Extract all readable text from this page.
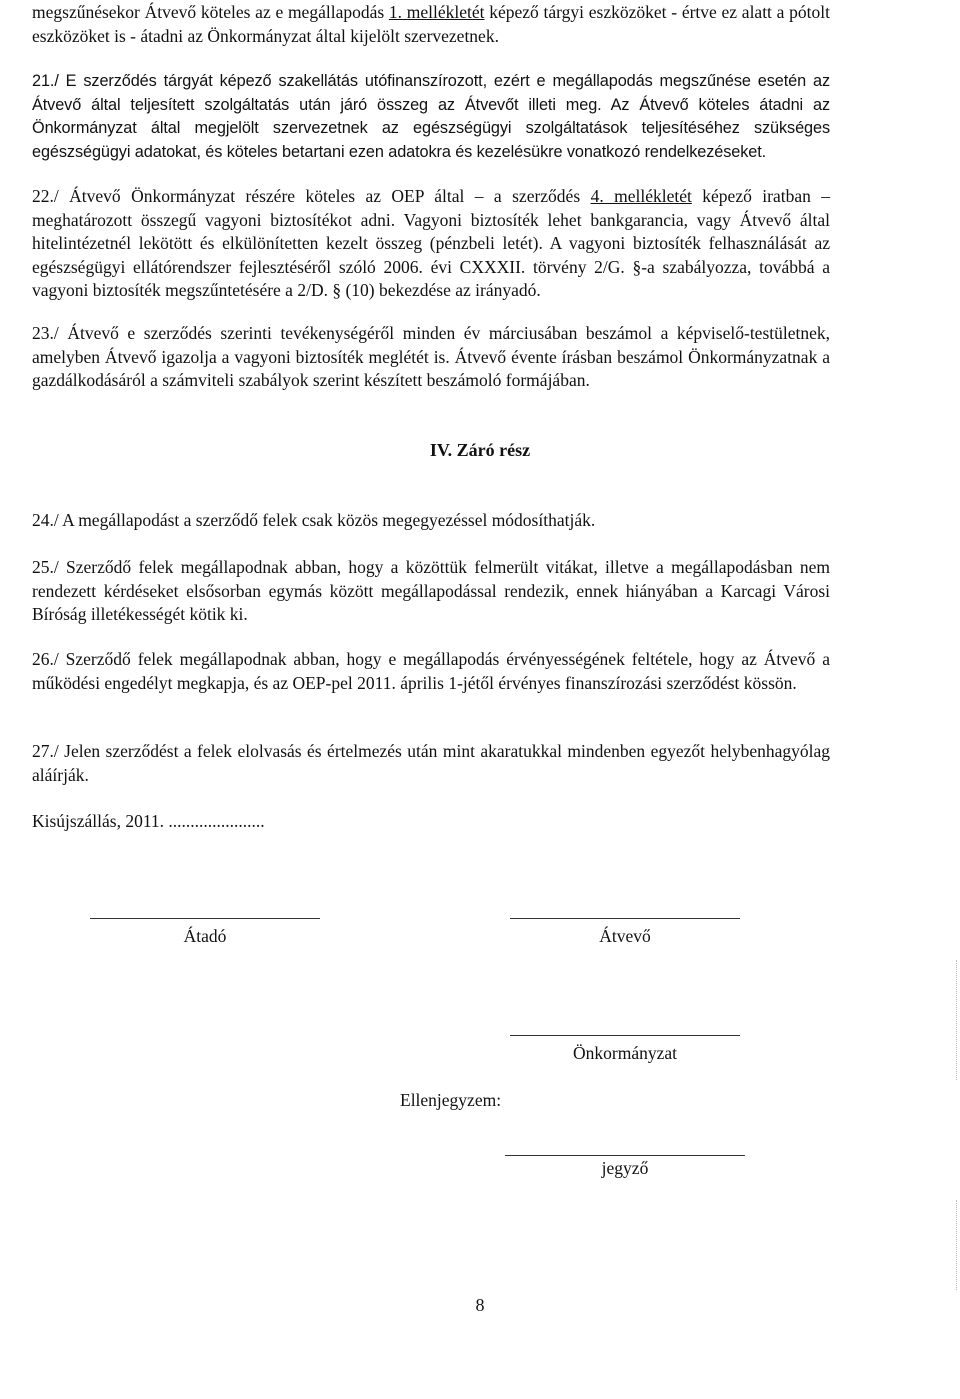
megszűnésekor Átvevő köteles az e megállapodás 1. mellékletét képező tárgyi eszközöket - értve ez alatt a pótolt eszközöket is - átadni az Önkormányzat által kijelölt szervezetnek.

21./ E szerződés tárgyát képező szakellátás utófinanszírozott, ezért e megállapodás megszűnése esetén az Átvevő által teljesített szolgáltatás után járó összeg az Átvevőt illeti meg. Az Átvevő köteles átadni az Önkormányzat által megjelölt szervezetnek az egészségügyi szolgáltatások teljesítéséhez szükséges egészségügyi adatokat, és köteles betartani ezen adatokra és kezelésükre vonatkozó rendelkezéseket.

22./ Átvevő Önkormányzat részére köteles az OEP által – a szerződés 4. mellékletét képező iratban – meghatározott összegű vagyoni biztosítékot adni. Vagyoni biztosíték lehet bankgarancia, vagy Átvevő által hitelintézetnél lekötött és elkülönítetten kezelt összeg (pénzbeli letét). A vagyoni biztosíték felhasználását az egészségügyi ellátórendszer fejlesztéséről szóló 2006. évi CXXXII. törvény 2/G. §-a szabályozza, továbbá a vagyoni biztosíték megszűntetésére a 2/D. § (10) bekezdése az irányadó.

23./ Átvevő e szerződés szerinti tevékenységéről minden év márciusában beszámol a képviselő-testületnek, amelyben Átvevő igazolja a vagyoni biztosíték meglétét is. Átvevő évente írásban beszámol Önkormányzatnak a gazdálkodásáról a számviteli szabályok szerint készített beszámoló formájában.

IV. Záró rész

24./ A megállapodást a szerződő felek csak közös megegyezéssel módosíthatják.

25./ Szerződő felek megállapodnak abban, hogy a közöttük felmerült vitákat, illetve a megállapodásban nem rendezett kérdéseket elsősorban egymás között megállapodással rendezik, ennek hiányában a Karcagi Városi Bíróság illetékességét kötik ki.

26./ Szerződő felek megállapodnak abban, hogy e megállapodás érvényességének feltétele, hogy az Átvevő a működési engedélyt megkapja, és az OEP-pel 2011. április 1-jétől érvényes finanszírozási szerződést kössön.

27./ Jelen szerződést a felek elolvasás és értelmezés után mint akaratukkal mindenben egyezőt helybenhagyólag aláírják.

Kisújszállás, 2011. ......................

Átadó	Átvevő
Önkormányzat
Ellenjegyzem:
jegyző
8
